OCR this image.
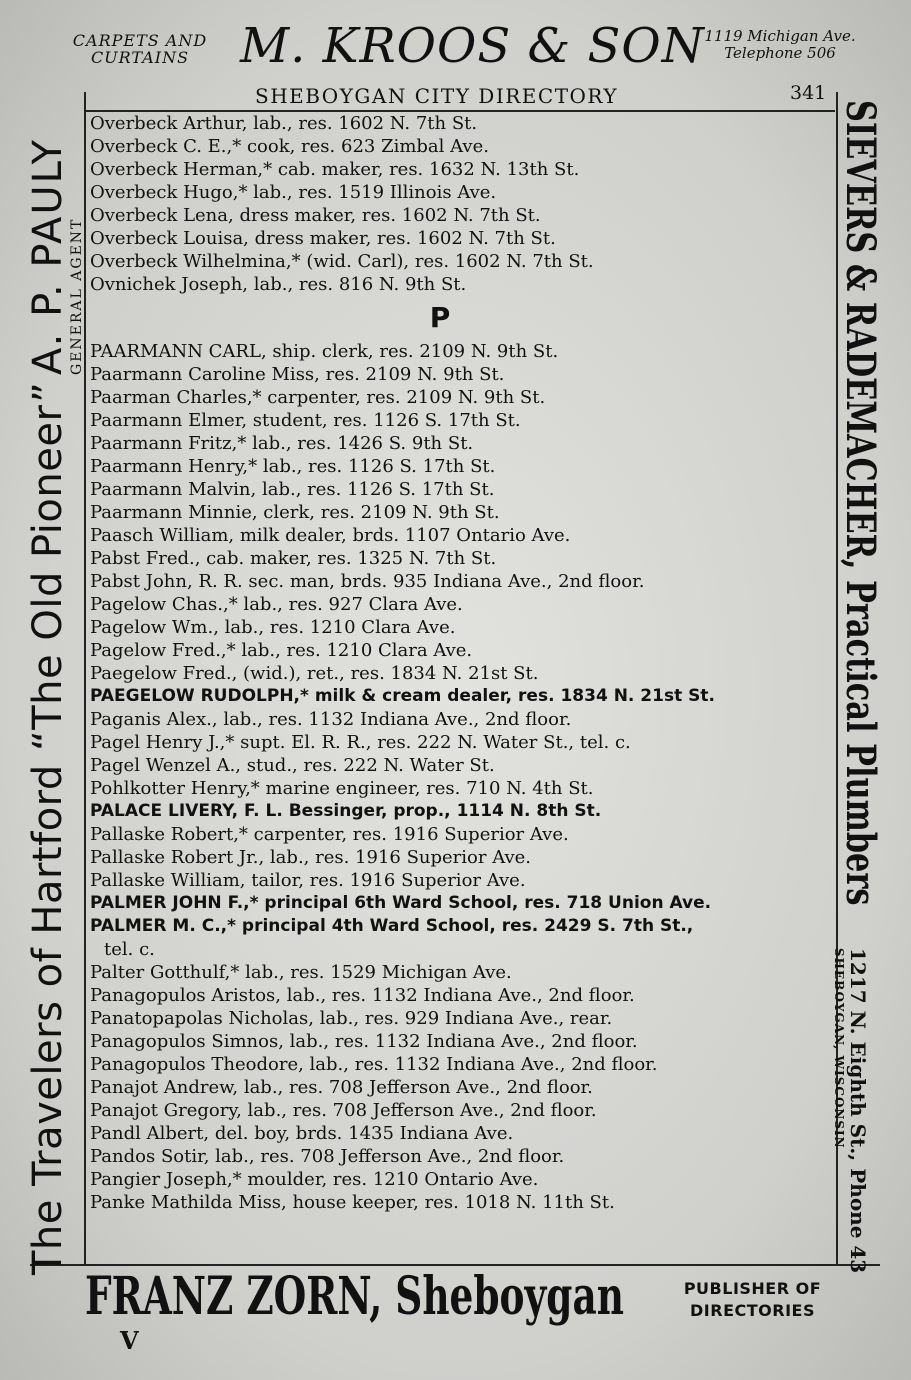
CARPETS AND
CURTAINS	M. KROOS & SON 1119 Michigan Ave.
Telephone 506
SHEBOYGAN CITY DIRECTORY	341
The Travelers of Hartford “The Old Pioneer”
A. P. PAULY
GENERAL AGENT	SIEVERS & RADEMACHER, Practical Plumbers
1217 N. Eighth St., Phone 43
SHEBOYGAN, WISCONSIN
Overbeck Arthur, lab., res. 1602 N. 7th St.
Overbeck C. E.,* cook, res. 623 Zimbal Ave.
Overbeck Herman,* cab. maker, res. 1632 N. 13th St.
Overbeck Hugo,* lab., res. 1519 Illinois Ave.
Overbeck Lena, dress maker, res. 1602 N. 7th St.
Overbeck Louisa, dress maker, res. 1602 N. 7th St.
Overbeck Wilhelmina,* (wid. Carl), res. 1602 N. 7th St.
Ovnichek Joseph, lab., res. 816 N. 9th St.
P
PAARMANN CARL, ship. clerk, res. 2109 N. 9th St.
Paarmann Caroline Miss, res. 2109 N. 9th St.
Paarman Charles,* carpenter, res. 2109 N. 9th St.
Paarmann Elmer, student, res. 1126 S. 17th St.
Paarmann Fritz,* lab., res. 1426 S. 9th St.
Paarmann Henry,* lab., res. 1126 S. 17th St.
Paarmann Malvin, lab., res. 1126 S. 17th St.
Paarmann Minnie, clerk, res. 2109 N. 9th St.
Paasch William, milk dealer, brds. 1107 Ontario Ave.
Pabst Fred., cab. maker, res. 1325 N. 7th St.
Pabst John, R. R. sec. man, brds. 935 Indiana Ave., 2nd floor.
Pagelow Chas.,* lab., res. 927 Clara Ave.
Pagelow Wm., lab., res. 1210 Clara Ave.
Pagelow Fred.,* lab., res. 1210 Clara Ave.
Paegelow Fred., (wid.), ret., res. 1834 N. 21st St.
PAEGELOW RUDOLPH,* milk & cream dealer, res. 1834 N. 21st St.
Paganis Alex., lab., res. 1132 Indiana Ave., 2nd floor.
Pagel Henry J.,* supt. El. R. R., res. 222 N. Water St., tel. c.
Pagel Wenzel A., stud., res. 222 N. Water St.
Pohlkotter Henry,* marine engineer, res. 710 N. 4th St.
PALACE LIVERY, F. L. Bessinger, prop., 1114 N. 8th St.
Pallaske Robert,* carpenter, res. 1916 Superior Ave.
Pallaske Robert Jr., lab., res. 1916 Superior Ave.
Pallaske William, tailor, res. 1916 Superior Ave.
PALMER JOHN F.,* principal 6th Ward School, res. 718 Union Ave.
PALMER M. C.,* principal 4th Ward School, res. 2429 S. 7th St.,
tel. c.
Palter Gotthulf,* lab., res. 1529 Michigan Ave.
Panagopulos Aristos, lab., res. 1132 Indiana Ave., 2nd floor.
Panatopapolas Nicholas, lab., res. 929 Indiana Ave., rear.
Panagopulos Simnos, lab., res. 1132 Indiana Ave., 2nd floor.
Panagopulos Theodore, lab., res. 1132 Indiana Ave., 2nd floor.
Panajot Andrew, lab., res. 708 Jefferson Ave., 2nd floor.
Panajot Gregory, lab., res. 708 Jefferson Ave., 2nd floor.
Pandl Albert, del. boy, brds. 1435 Indiana Ave.
Pandos Sotir, lab., res. 708 Jefferson Ave., 2nd floor.
Pangier Joseph,* moulder, res. 1210 Ontario Ave.
Panke Mathilda Miss, house keeper, res. 1018 N. 11th St.
FRANZ ZORN, Sheboygan	PUBLISHER OF
DIRECTORIES
V
